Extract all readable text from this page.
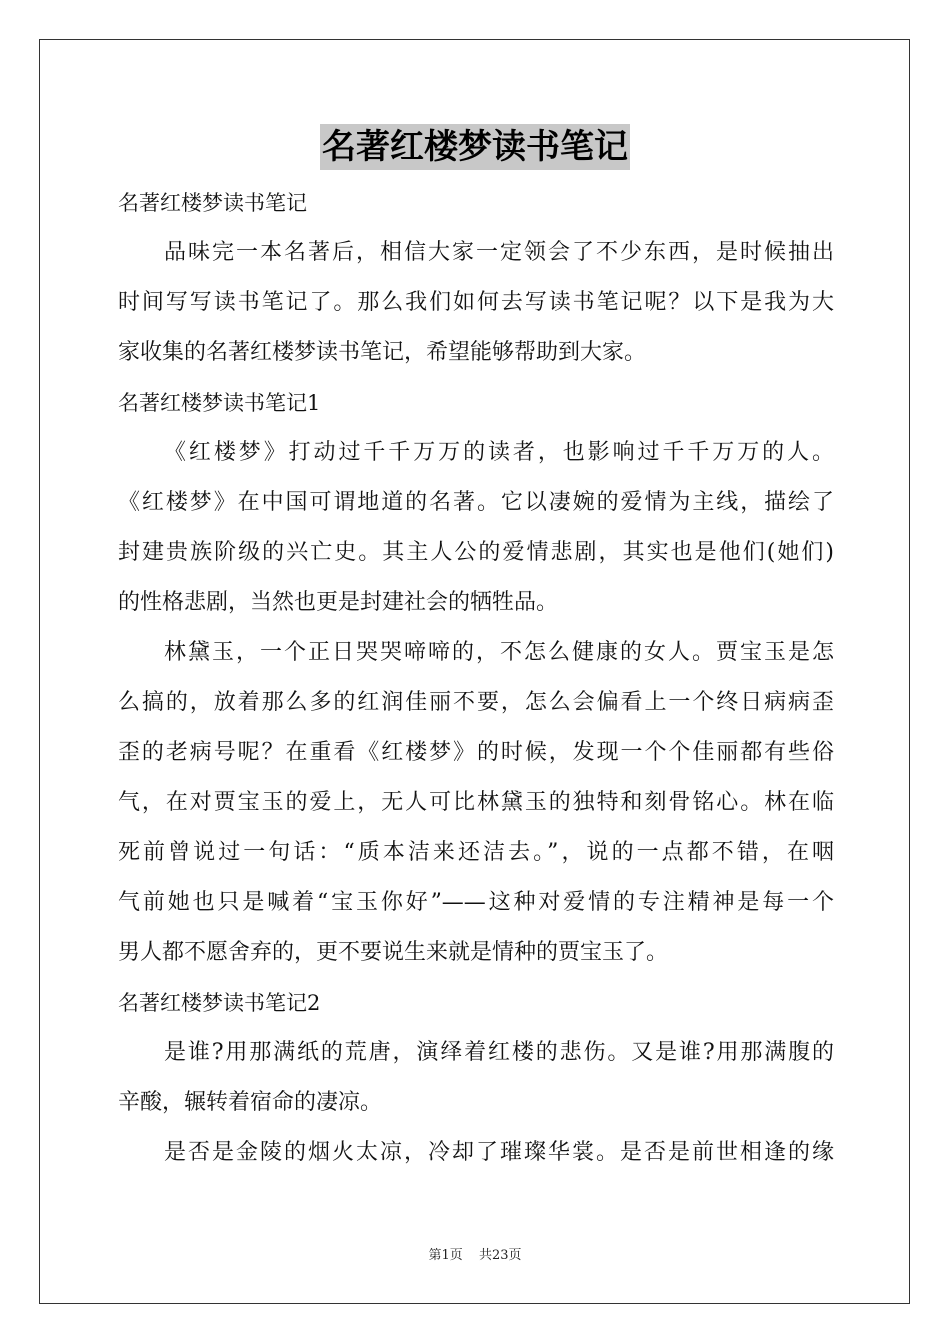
名著红楼梦读书笔记
名著红楼梦读书笔记
品味完一本名著后，相信大家一定领会了不少东西，是时候抽出
时间写写读书笔记了。那么我们如何去写读书笔记呢？以下是我为大
家收集的名著红楼梦读书笔记，希望能够帮助到大家。
名著红楼梦读书笔记1
《红楼梦》打动过千千万万的读者，也影响过千千万万的人。
《红楼梦》在中国可谓地道的名著。它以凄婉的爱情为主线，描绘了
封建贵族阶级的兴亡史。其主人公的爱情悲剧，其实也是他们(她们)
的性格悲剧，当然也更是封建社会的牺牲品。
林黛玉，一个正日哭哭啼啼的，不怎么健康的女人。贾宝玉是怎
么搞的，放着那么多的红润佳丽不要，怎么会偏看上一个终日病病歪
歪的老病号呢？在重看《红楼梦》的时候，发现一个个佳丽都有些俗
气，在对贾宝玉的爱上，无人可比林黛玉的独特和刻骨铭心。林在临
死前曾说过一句话：“质本洁来还洁去。”，说的一点都不错，在咽
气前她也只是喊着“宝玉你好”——这种对爱情的专注精神是每一个
男人都不愿舍弃的，更不要说生来就是情种的贾宝玉了。
名著红楼梦读书笔记2
是谁?用那满纸的荒唐，演绎着红楼的悲伤。又是谁?用那满腹的
辛酸，辗转着宿命的凄凉。
是否是金陵的烟火太凉，冷却了璀璨华裳。是否是前世相逢的缘
第1页 共23页
